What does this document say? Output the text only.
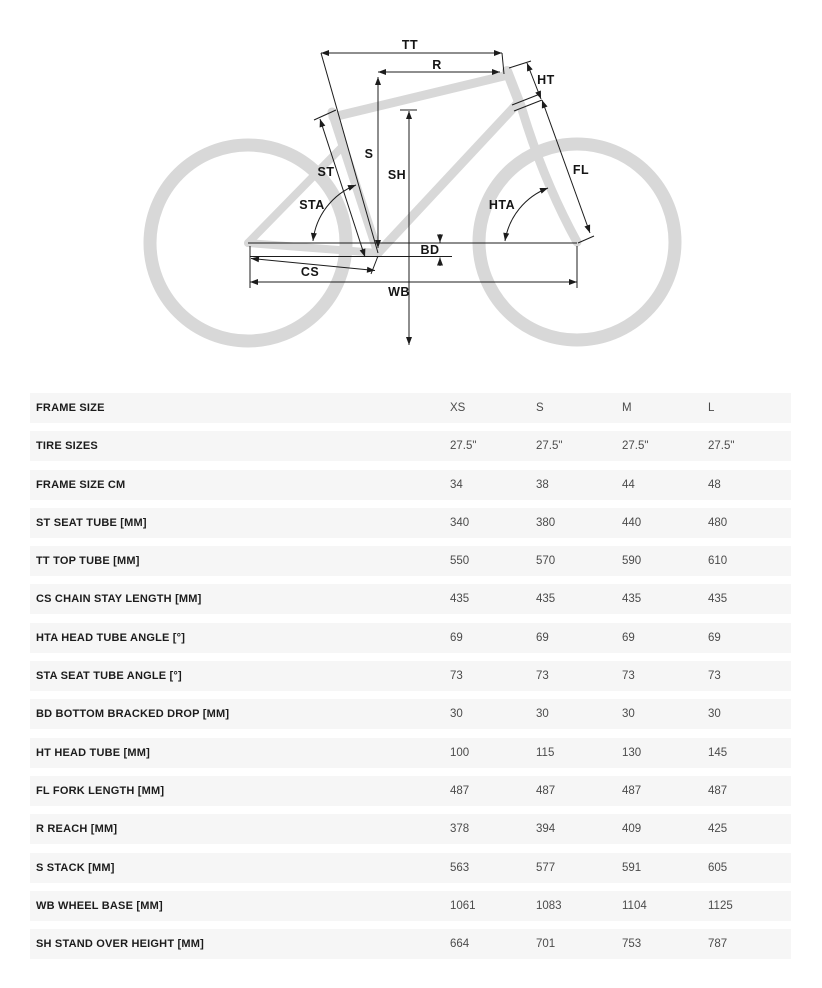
TT
R
HT
ST
S
SH	FL
STA	HTA
BD
CS
WB
FRAME SIZE	XS	S	M	L
TIRE SIZES	27.5"	27.5"	27.5"	27.5"
FRAME SIZE CM	34	38	44	48
ST SEAT TUBE [MM]	340	380	440	480
TT TOP TUBE [MM]	550	570	590	610
CS CHAIN STAY LENGTH [MM]	435	435	435	435
HTA HEAD TUBE ANGLE [°]	69	69	69	69
STA SEAT TUBE ANGLE [°]	73	73	73	73
BD BOTTOM BRACKED DROP [MM]	30	30	30	30
HT HEAD TUBE [MM]	100	115	130	145
FL FORK LENGTH [MM]	487	487	487	487
R REACH [MM]	378	394	409	425
S STACK [MM]	563	577	591	605
WB WHEEL BASE [MM]	1061	1083	1104	1125
SH STAND OVER HEIGHT [MM]	664	701	753	787
